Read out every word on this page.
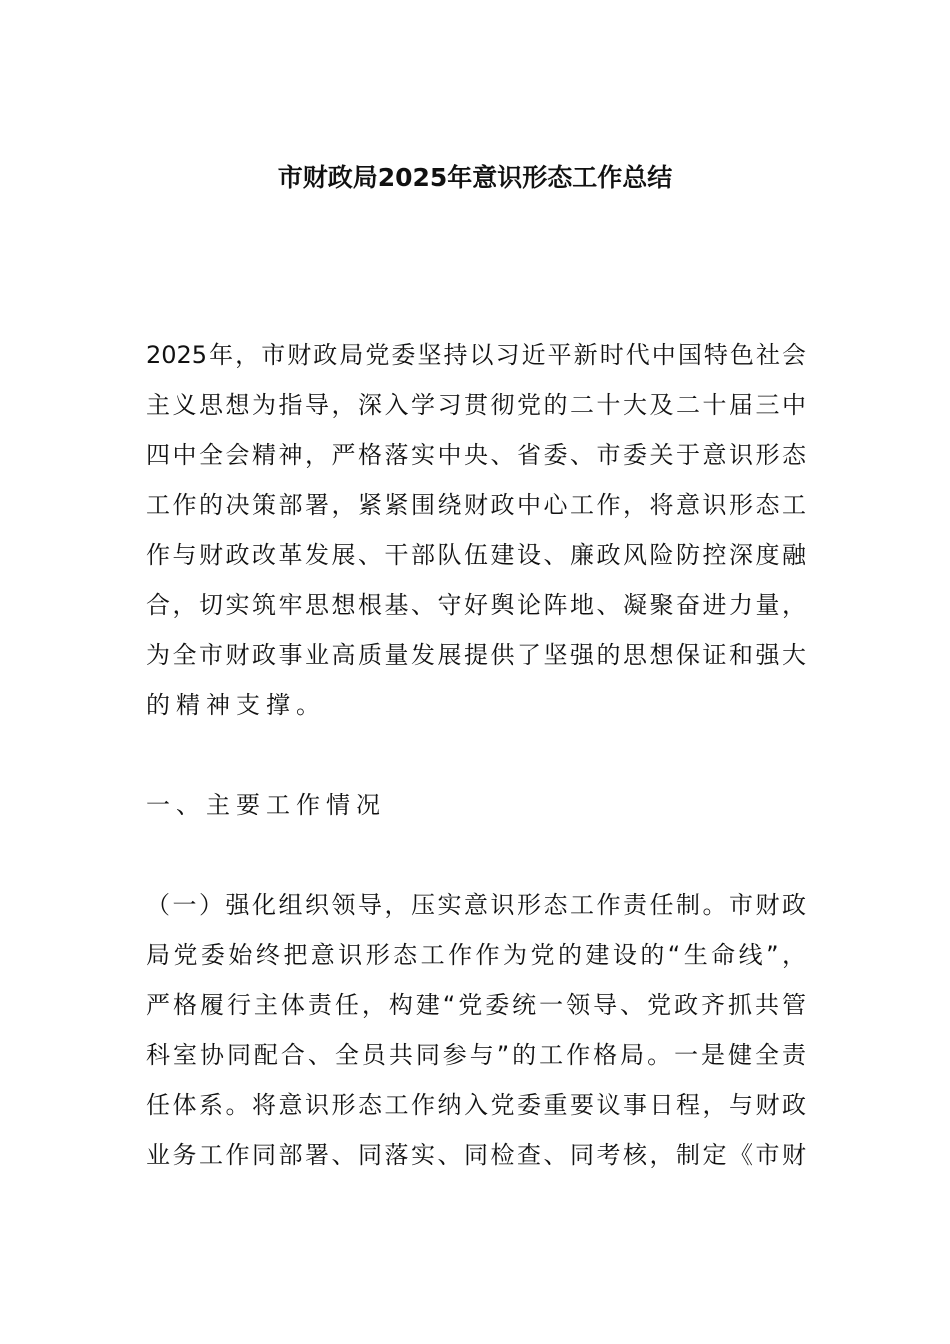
市财政局2025年意识形态工作总结
2025年，市财政局党委坚持以习近平新时代中国特色社会
主义思想为指导，深入学习贯彻党的二十大及二十届三中
四中全会精神，严格落实中央、省委、市委关于意识形态
工作的决策部署，紧紧围绕财政中心工作，将意识形态工
作与财政改革发展、干部队伍建设、廉政风险防控深度融
合，切实筑牢思想根基、守好舆论阵地、凝聚奋进力量，
为全市财政事业高质量发展提供了坚强的思想保证和强大
的精神支撑。
一、主要工作情况
（一）强化组织领导，压实意识形态工作责任制。市财政
局党委始终把意识形态工作作为党的建设的“生命线”，
严格履行主体责任，构建“党委统一领导、党政齐抓共管
科室协同配合、全员共同参与”的工作格局。一是健全责
任体系。将意识形态工作纳入党委重要议事日程，与财政
业务工作同部署、同落实、同检查、同考核，制定《市财
